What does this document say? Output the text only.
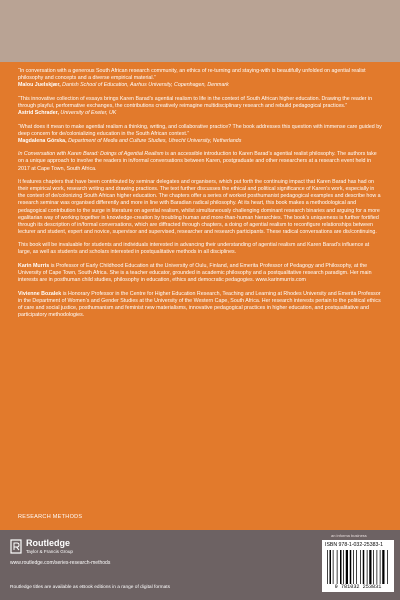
“In conversation with a generous South African research community, an ethics of re-turning and staying-with is beautifully unfolded on agential realist philosophy and concepts and a diverse empirical material.”
Malou Juelskjær, Danish School of Education, Aarhus University, Copenhagen, Denmark
“This innovative collection of essays brings Karen Barad’s agential realism to life in the context of South African higher education. Drawing the reader in through playful, performative exchanges, the contributions creatively reimagine multidisciplinary research and rebuild pedagogical practices.”
Astrid Schrader, University of Exeter, UK
“What does it mean to make agential realism a thinking, writing, and collaborative practice? The book addresses this question with immense care guided by deep concern for de/colonializing education in the South African context.”
Magdalena Górska, Department of Media and Culture Studies, Utrecht University, Netherlands

In Conversation with Karen Barad: Doings of Agential Realism is an accessible introduction to Karen Barad’s agential realist philosophy. The authors take on a unique approach to involve the readers in in/formal conversations between Karen, postgraduate and other researchers at a research event held in 2017 at Cape Town, South Africa.

It features chapters that have been contributed by seminar delegates and organisers, which put forth the continuing impact that Karen Barad has had on their empirical work, research writing and drawing practices. The text further discusses the ethical and political significance of Karen’s work, especially in the context of de/colonizing South African higher education. The chapters offer a series of worked posthumanist pedagogical examples and describe how a research seminar was organised differently and more in line with Baradian radical philosophy. At its heart, this book makes a methodological and pedagogical contribution to the surge in literature on agential realism, whilst simultaneously challenging dominant research binaries and arguing for a more egalitarian way of working together in knowledge-creation by troubling human and more-than-human hierarchies. The book’s uniqueness is further fortified through its description of in/formal conversations, which are diffracted through chapters, a doing of agential realism to reconfigure relationships between lecturer and student, expert and novice, supervisor and supervised, researcher and research participants. These radical conversations are dis/continuing.

This book will be invaluable for students and individuals interested in advancing their understanding of agential realism and Karen Barad’s influence at large, as well as students and scholars interested in postqualitative methods in all disciplines.

Karin Murris is Professor of Early Childhood Education at the University of Oulu, Finland, and Emerita Professor of Pedagogy and Philosophy, at the University of Cape Town, South Africa. She is a teacher educator, grounded in academic philosophy and a postqualitative research paradigm. Her main interests are in posthuman child studies, philosophy in education, ethics and democratic pedagogies. www.karinmurris.com

Vivienne Bozalek is Honorary Professor in the Centre for Higher Education Research, Teaching and Learning at Rhodes University and Emerita Professor in the Department of Women’s and Gender Studies at the University of the Western Cape, South Africa. Her research interests pertain to the political ethics of care and social justice, posthumanism and feminist new materialisms, innovative pedagogical practices in higher education, and postqualitative and participatory methodologies.

RESEARCH METHODS
Routledge
Taylor & Francis Group
www.routledge.com/series-research-methods
Routledge titles are available as eBook editions in a range of digital formats
an informa business
ISBN 978-1-032-25383-1
9 781032 253831
